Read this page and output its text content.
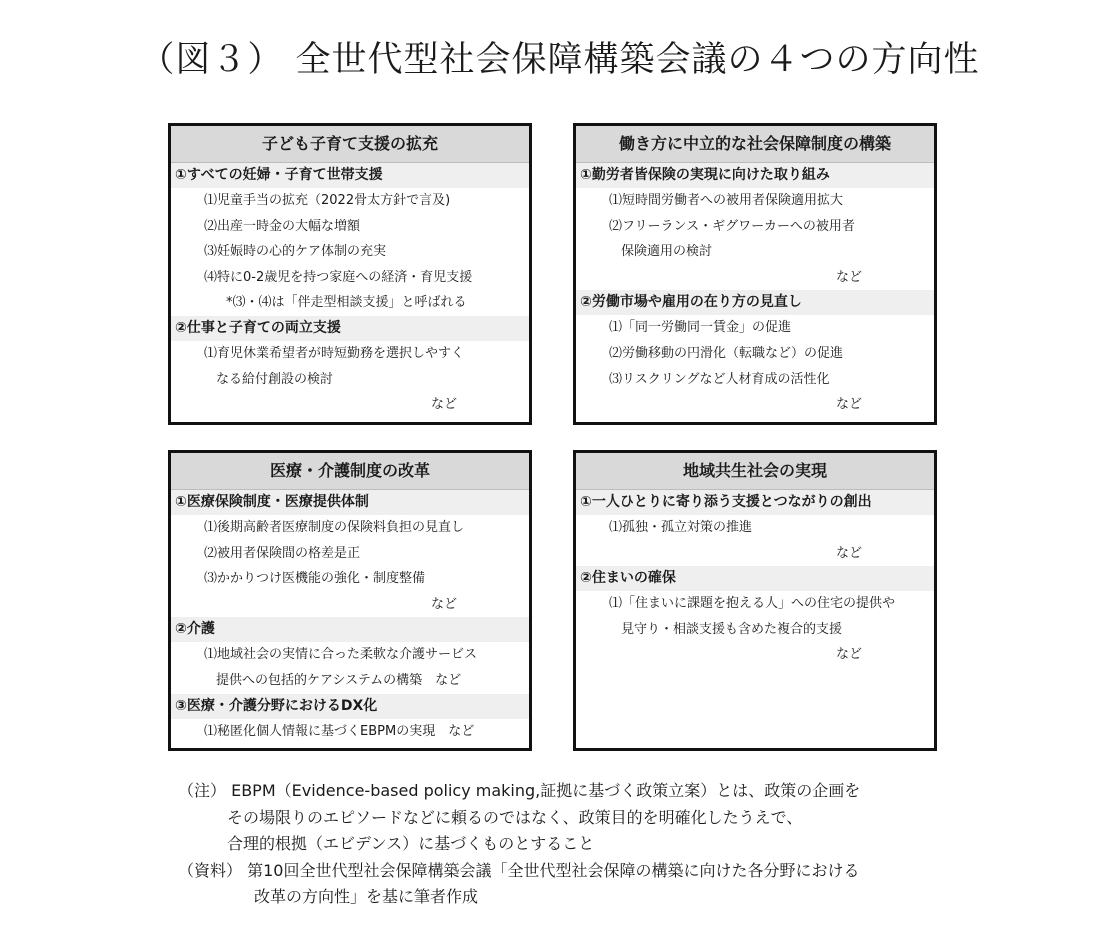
（図３） 全世代型社会保障構築会議の４つの方向性
子ども子育て支援の拡充
①すべての妊婦・子育て世帯支援
⑴児童手当の拡充（2022骨太方針で言及)
⑵出産一時金の大幅な増額
⑶妊娠時の心的ケア体制の充実
⑷特に0-2歳児を持つ家庭への経済・育児支援
*⑶・⑷は「伴走型相談支援」と呼ばれる
②仕事と子育ての両立支援
⑴育児休業希望者が時短勤務を選択しやすく
なる給付創設の検討
など
働き方に中立的な社会保障制度の構築
①勤労者皆保険の実現に向けた取り組み
⑴短時間労働者への被用者保険適用拡大
⑵フリーランス・ギグワーカーへの被用者
保険適用の検討
など
②労働市場や雇用の在り方の見直し
⑴「同一労働同一賃金」の促進
⑵労働移動の円滑化（転職など）の促進
⑶リスクリングなど人材育成の活性化
など
医療・介護制度の改革
①医療保険制度・医療提供体制
⑴後期高齢者医療制度の保険料負担の見直し
⑵被用者保険間の格差是正
⑶かかりつけ医機能の強化・制度整備
など
②介護
⑴地域社会の実情に合った柔軟な介護サービス
提供への包括的ケアシステムの構築　など
③医療・介護分野におけるDX化
⑴秘匿化個人情報に基づくEBPMの実現　など
地域共生社会の実現
①一人ひとりに寄り添う支援とつながりの創出
⑴孤独・孤立対策の推進
など
②住まいの確保
⑴「住まいに課題を抱える人」への住宅の提供や
見守り・相談支援も含めた複合的支援
など
（注） EBPM（Evidence-based policy making,証拠に基づく政策立案）とは、政策の企画を
その場限りのエピソードなどに頼るのではなく、政策目的を明確化したうえで、
合理的根拠（エビデンス）に基づくものとすること
（資料） 第10回全世代型社会保障構築会議「全世代型社会保障の構築に向けた各分野における
改革の方向性」を基に筆者作成
